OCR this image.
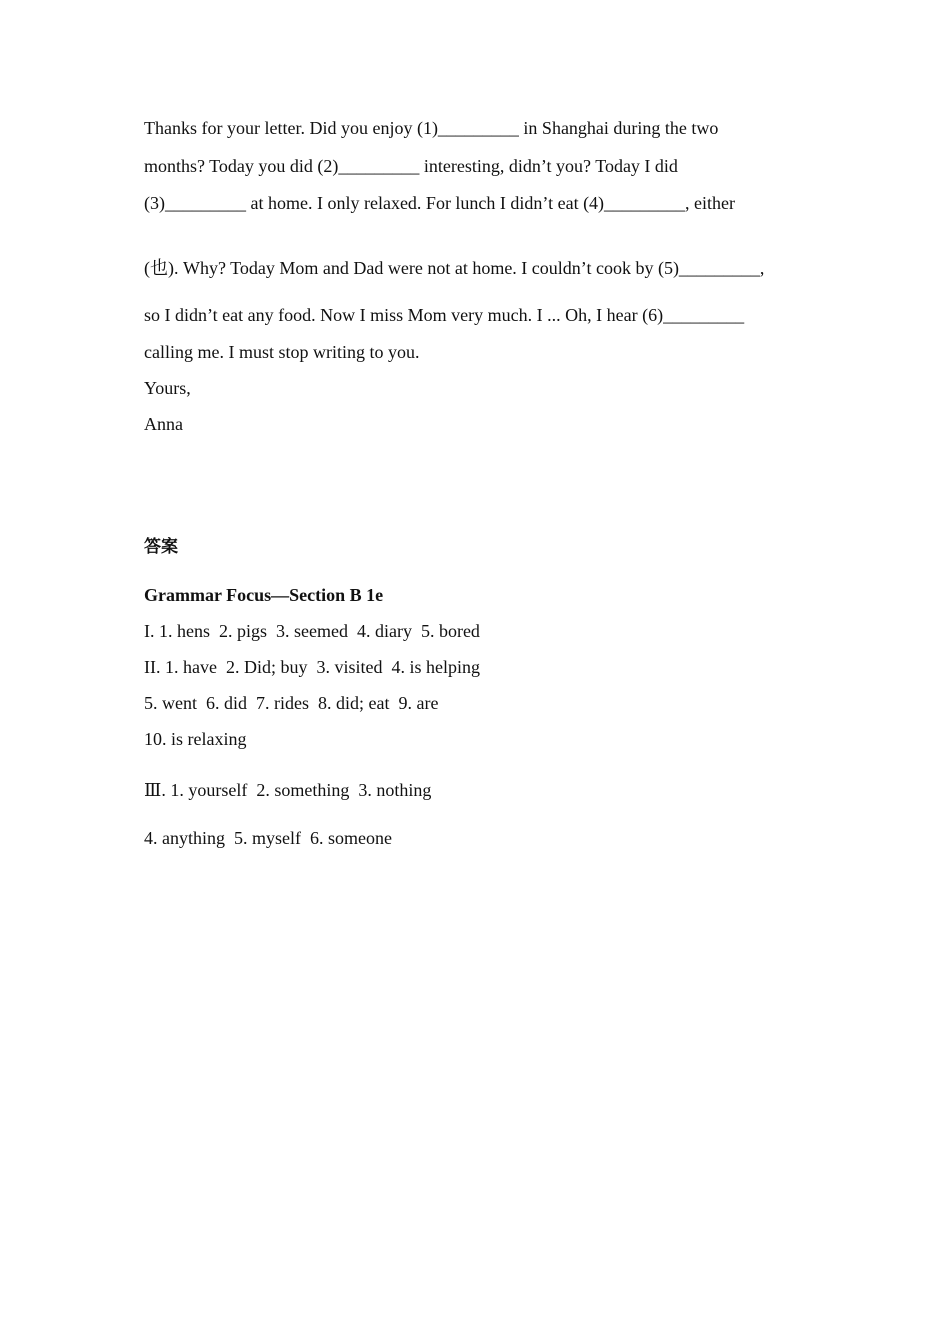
Thanks for your letter. Did you enjoy (1)_________ in Shanghai during the two
months? Today you did (2)_________ interesting, didn’t you? Today I did
(3)_________ at home. I only relaxed. For lunch I didn’t eat (4)_________, either
(也). Why? Today Mom and Dad were not at home. I couldn’t cook by (5)_________,
so I didn’t eat any food. Now I miss Mom very much. I ... Oh, I hear (6)_________
calling me. I must stop writing to you.
Yours,
Anna
答案
Grammar Focus—Section B 1e
I. 1. hens  2. pigs  3. seemed  4. diary  5. bored
II. 1. have  2. Did; buy  3. visited  4. is helping
5. went  6. did  7. rides  8. did; eat  9. are
10. is relaxing
Ⅲ. 1. yourself  2. something  3. nothing
4. anything  5. myself  6. someone
